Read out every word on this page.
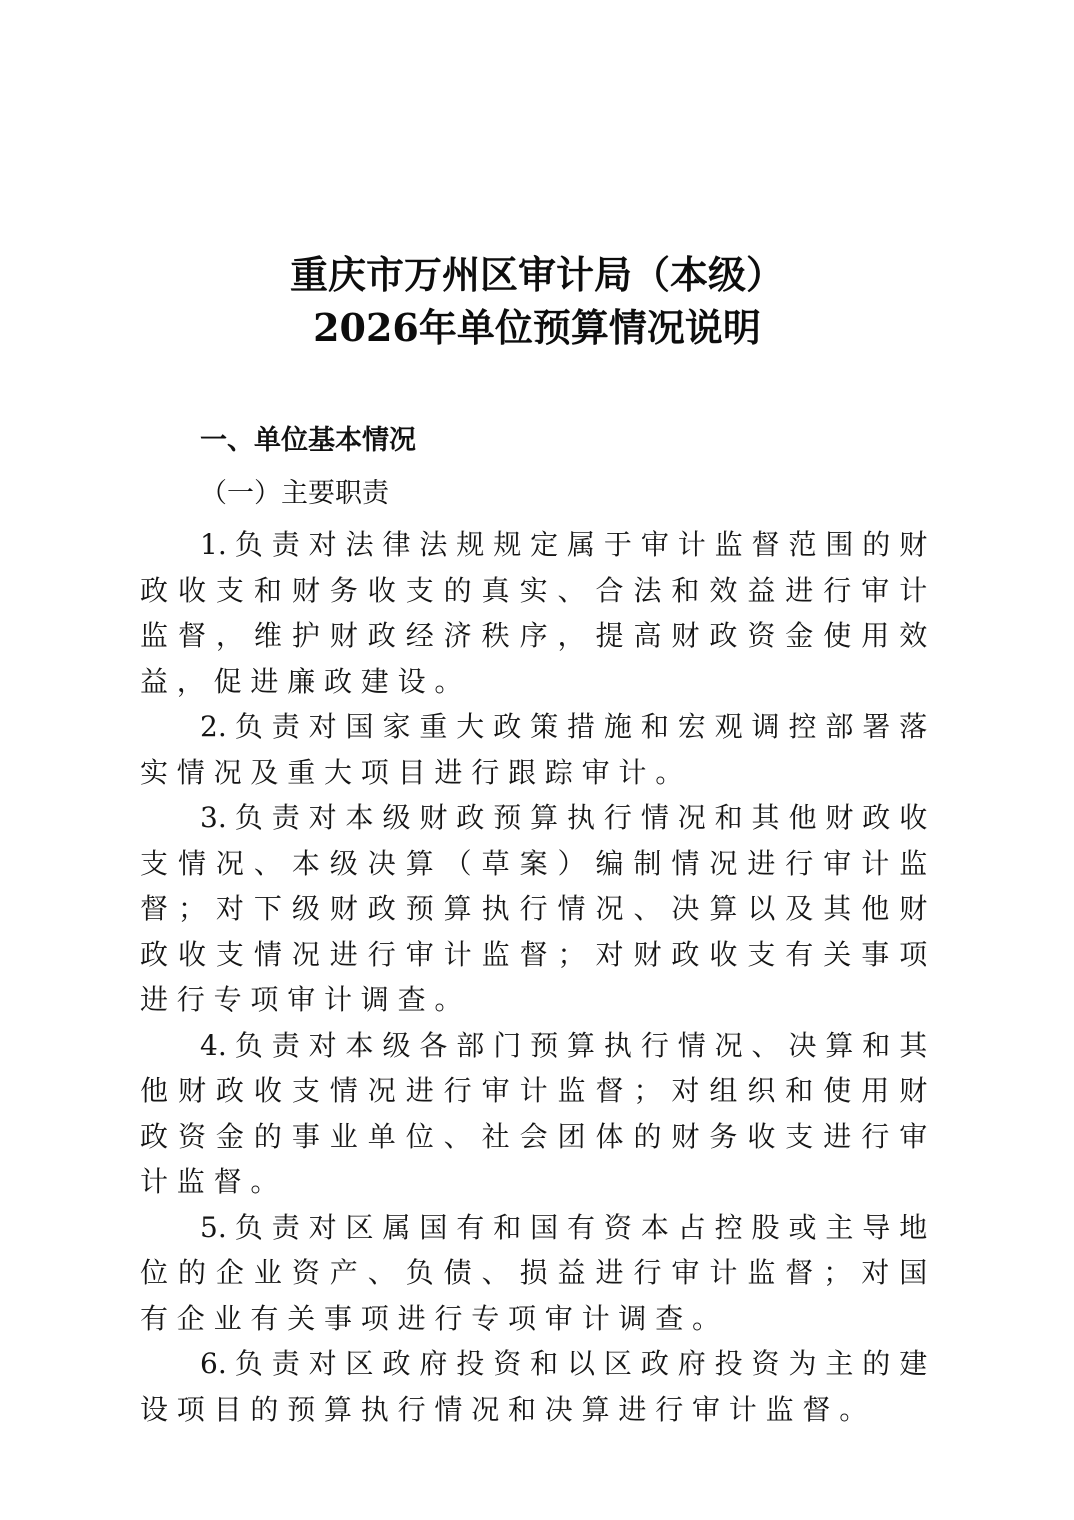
重庆市万州区审计局（本级）
2026年单位预算情况说明
一、单位基本情况
（一）主要职责

1. 负责对法律法规规定属于审计监督范围的财政收支和财务收支的真实、合法和效益进行审计监督，维护财政经济秩序，提高财政资金使用效益，促进廉政建设。

2. 负责对国家重大政策措施和宏观调控部署落实情况及重大项目进行跟踪审计。

3. 负责对本级财政预算执行情况和其他财政收支情况、本级决算（草案）编制情况进行审计监督；对下级财政预算执行情况、决算以及其他财政收支情况进行审计监督；对财政收支有关事项进行专项审计调查。

4. 负责对本级各部门预算执行情况、决算和其他财政收支情况进行审计监督；对组织和使用财政资金的事业单位、社会团体的财务收支进行审计监督。

5. 负责对区属国有和国有资本占控股或主导地位的企业资产、负债、损益进行审计监督；对国有企业有关事项进行专项审计调查。

6. 负责对区政府投资和以区政府投资为主的建设项目的预算执行情况和决算进行审计监督。
